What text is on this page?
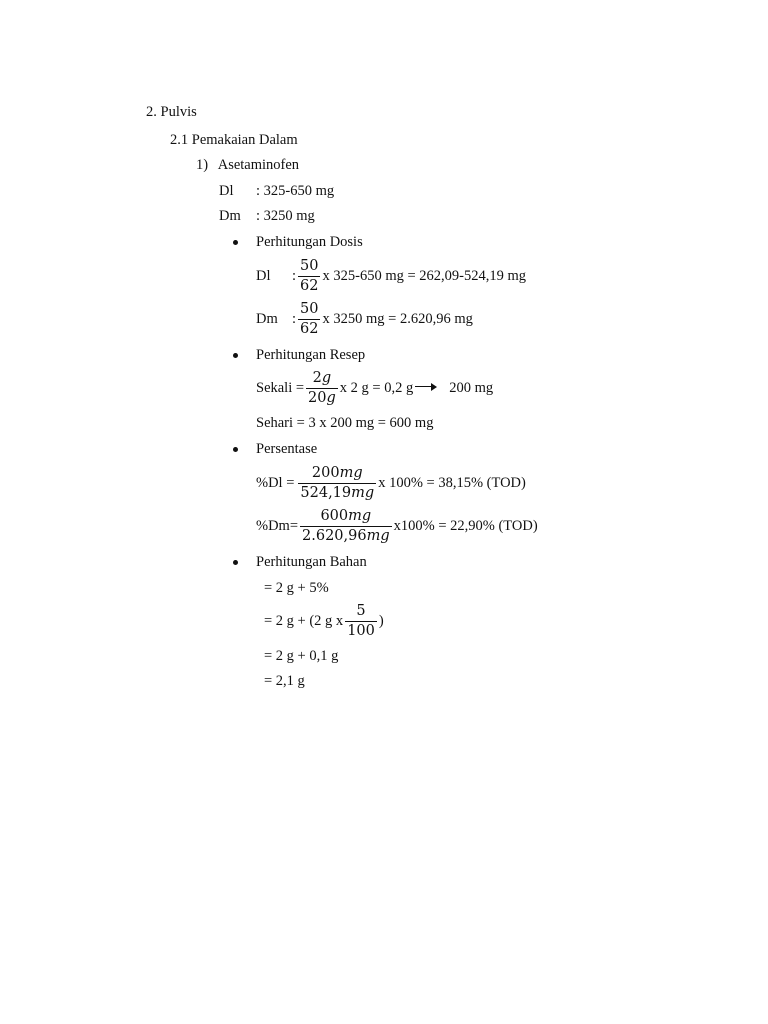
2. Pulvis
2.1 Pemakaian Dalam
1) Asetaminofen
Dl : 325-650 mg
Dm : 3250 mg
Perhitungan Dosis
Dl	: $\frac{50}{62}$ x 325-650 mg = 262,09-524,19 mg
Dm : $\frac{50}{62}$ x 3250 mg = 2.620,96 mg
Perhitungan Resep
Sekali = $\frac{2g}{20g}$ x 2 g = 0,2 g 200 mg
Sehari = 3 x 200 mg = 600 mg
Persentase
$\%Dl = \frac{200mg}{524,19mg}$ x 100% = 38,15% (TOD)
$\%Dm= \frac{600mg}{2.620,96mg} x100\% = 22,90\%$ (TOD)
Perhitungan Bahan
= 2 g + 5%
= 2 g + (2 g x $\frac{5}{100}$ )
= 2 g + 0,1 g
= 2,1 g
